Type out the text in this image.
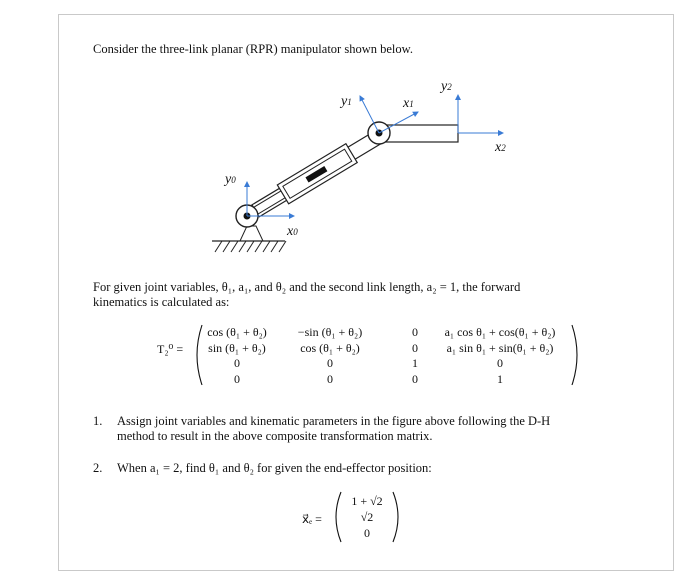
Consider the three-link planar (RPR) manipulator shown below.
y0
x0
y1	x1
y2
x2
For given joint variables, θ₁, a₁, and θ₂ and the second link length, a₂ = 1, the forward
kinematics is calculated as:
T₂⁰ =
cos (θ₁ + θ₂)	−sin (θ₁ + θ₂)	0	a₁ cos θ₁ + cos(θ₁ + θ₂)
sin (θ₁ + θ₂)	cos (θ₁ + θ₂)	0	a₁ sin θ₁ + sin(θ₁ + θ₂)
0	0	1	0
0	0	0	1
1. Assign joint variables and kinematic parameters in the figure above following the D-H
method to result in the above composite transformation matrix.
2. When a₁ = 2, find θ₁ and θ₂ for given the end-effector position:
x⃗ₑ =
1 + √2
√2
0
